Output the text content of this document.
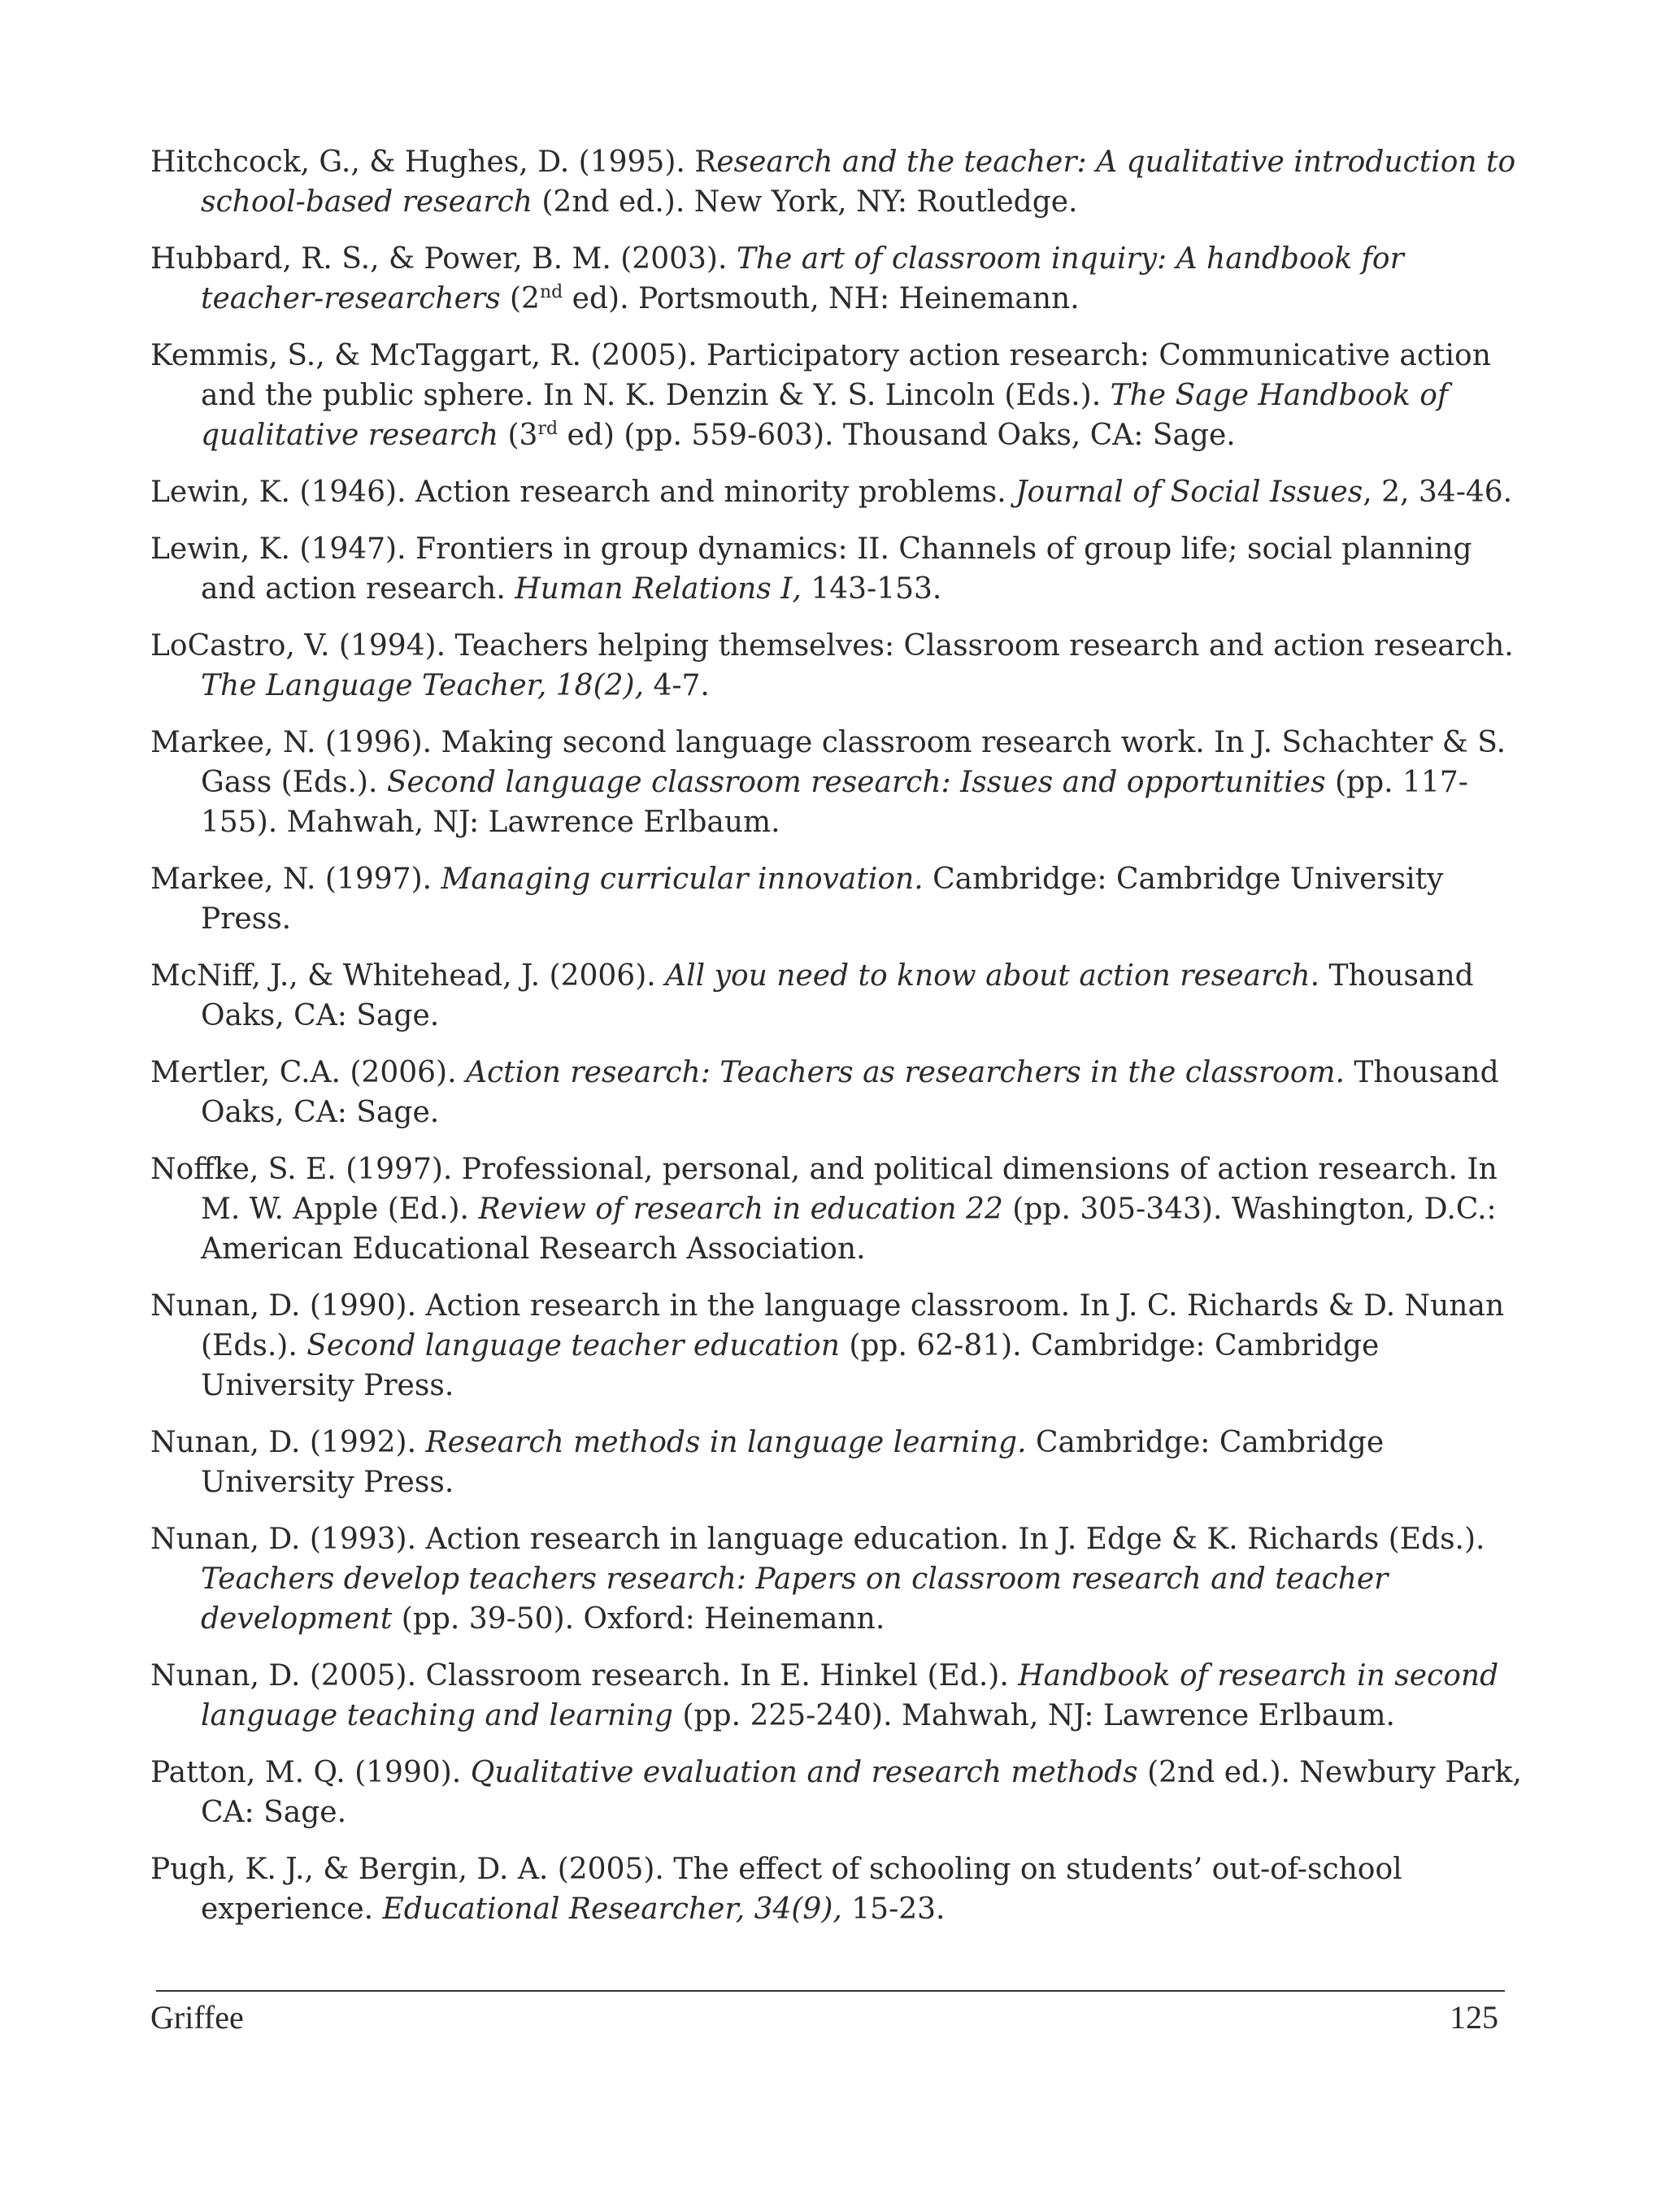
Hitchcock, G., & Hughes, D. (1995). Research and the teacher: A qualitative introduction to school-based research (2nd ed.). New York, NY: Routledge.

Hubbard, R. S., & Power, B. M. (2003). The art of classroom inquiry: A handbook for teacher-researchers (2nd ed). Portsmouth, NH: Heinemann.

Kemmis, S., & McTaggart, R. (2005). Participatory action research: Communicative action and the public sphere. In N. K. Denzin & Y. S. Lincoln (Eds.). The Sage Handbook of qualitative research (3rd ed) (pp. 559-603). Thousand Oaks, CA: Sage.

Lewin, K. (1946). Action research and minority problems. Journal of Social Issues, 2, 34-46.

Lewin, K. (1947). Frontiers in group dynamics: II. Channels of group life; social planning and action research. Human Relations I, 143-153.

LoCastro, V. (1994). Teachers helping themselves: Classroom research and action research. The Language Teacher, 18(2), 4-7.

Markee, N. (1996). Making second language classroom research work. In J. Schachter & S. Gass (Eds.). Second language classroom research: Issues and opportunities (pp. 117-155). Mahwah, NJ: Lawrence Erlbaum.

Markee, N. (1997). Managing curricular innovation. Cambridge: Cambridge University Press.

McNiff, J., & Whitehead, J. (2006). All you need to know about action research. Thousand Oaks, CA: Sage.

Mertler, C.A. (2006). Action research: Teachers as researchers in the classroom. Thousand Oaks, CA: Sage.

Noffke, S. E. (1997). Professional, personal, and political dimensions of action research. In M. W. Apple (Ed.). Review of research in education 22 (pp. 305-343). Washington, D.C.: American Educational Research Association.

Nunan, D. (1990). Action research in the language classroom. In J. C. Richards & D. Nunan (Eds.). Second language teacher education (pp. 62-81). Cambridge: Cambridge University Press.

Nunan, D. (1992). Research methods in language learning. Cambridge: Cambridge University Press.

Nunan, D. (1993). Action research in language education. In J. Edge & K. Richards (Eds.). Teachers develop teachers research: Papers on classroom research and teacher development (pp. 39-50). Oxford: Heinemann.

Nunan, D. (2005). Classroom research. In E. Hinkel (Ed.). Handbook of research in second language teaching and learning (pp. 225-240). Mahwah, NJ: Lawrence Erlbaum.

Patton, M. Q. (1990). Qualitative evaluation and research methods (2nd ed.). Newbury Park, CA: Sage.

Pugh, K. J., & Bergin, D. A. (2005). The effect of schooling on students’ out-of-school experience. Educational Researcher, 34(9), 15-23.

Griffee	125
